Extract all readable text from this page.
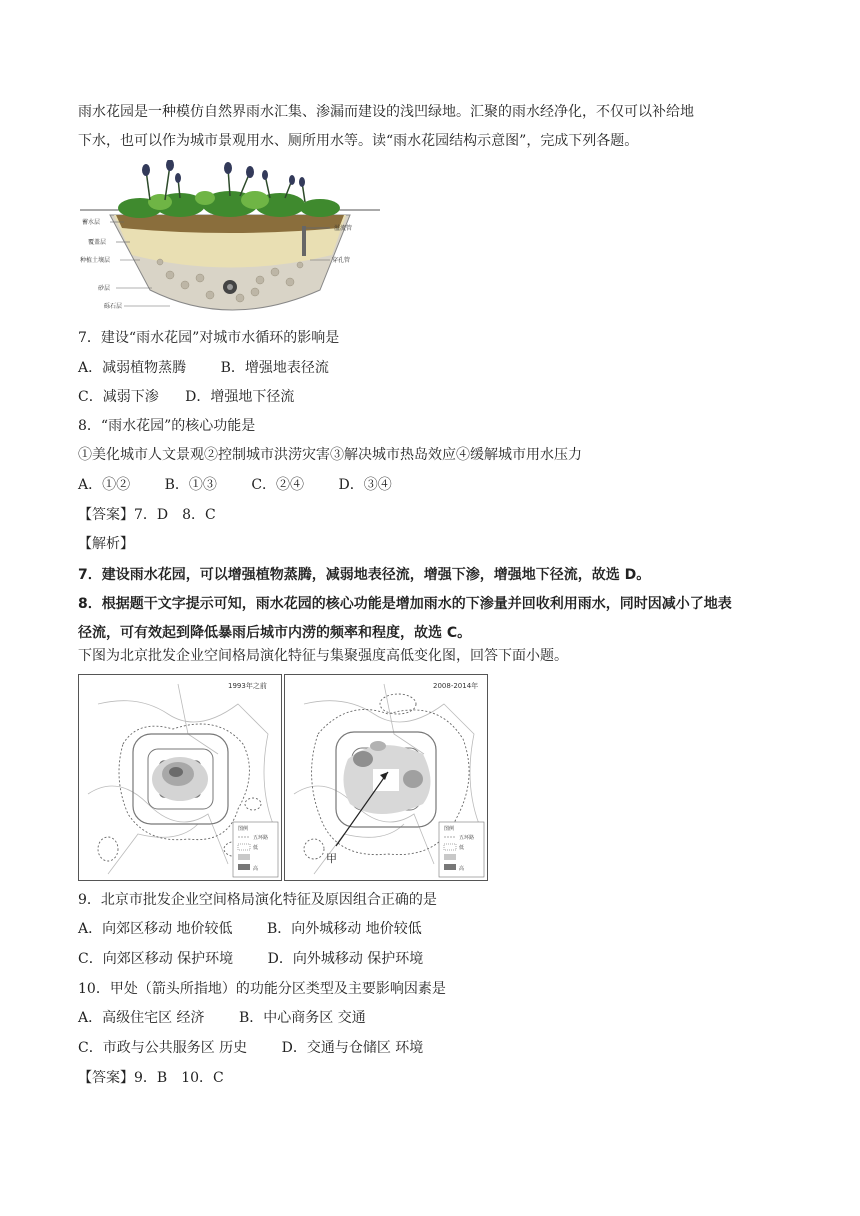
雨水花园是一种模仿自然界雨水汇集、渗漏而建设的浅凹绿地。汇聚的雨水经净化，不仅可以补给地
下水，也可以作为城市景观用水、厕所用水等。读“雨水花园结构示意图”，完成下列各题。
蓄水层
覆盖层
种植土壤层
砂层
砾石层
溢流管
穿孔管
7．建设“雨水花园”对城市水循环的影响是
A．减弱植物蒸腾 B．增强地表径流
C．减弱下渗 D．增强地下径流
8．“雨水花园”的核心功能是
①美化城市人文景观②控制城市洪涝灾害③解决城市热岛效应④缓解城市用水压力
A．①② B．①③ C．②④ D．③④
【答案】7．D　8．C
【解析】
7．建设雨水花园，可以增强植物蒸腾，减弱地表径流，增强下渗，增强地下径流，故选 D。
8．根据题干文字提示可知，雨水花园的核心功能是增加雨水的下渗量并回收利用雨水，同时因减小了地表
径流，可有效起到降低暴雨后城市内涝的频率和程度，故选 C。
下图为北京批发企业空间格局演化特征与集聚强度高低变化图，回答下面小题。
1993年之前
图例
五环路
低
高
2008-2014年
甲
图例
五环路
低
高
9．北京市批发企业空间格局演化特征及原因组合正确的是
A．向郊区移动 地价较低 B．向外城移动 地价较低
C．向郊区移动 保护环境 D．向外城移动 保护环境
10．甲处（箭头所指地）的功能分区类型及主要影响因素是
A．高级住宅区 经济 B．中心商务区 交通
C．市政与公共服务区 历史 D．交通与仓储区 环境
【答案】9．B　10．C
